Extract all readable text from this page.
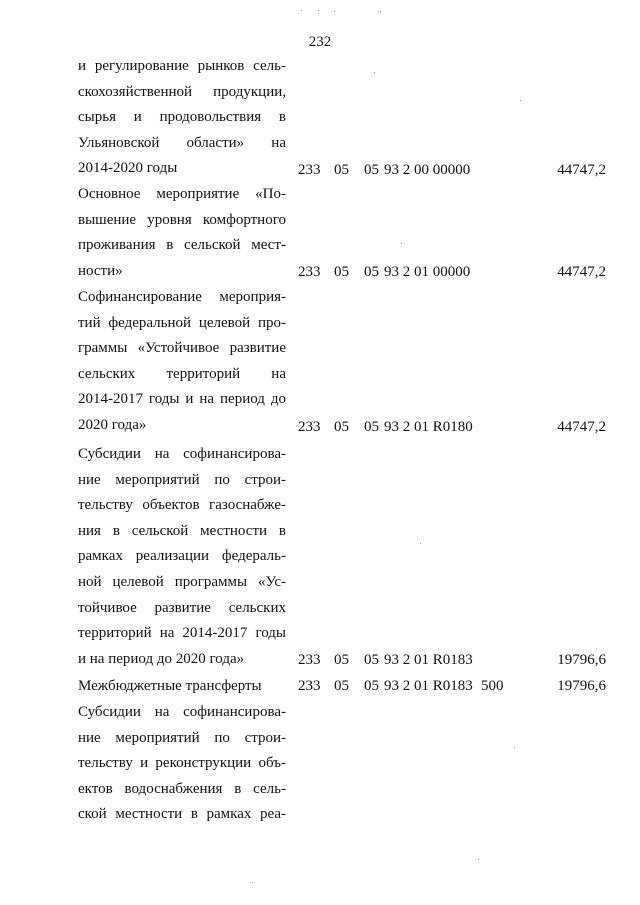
232
и регулирование рынков сель-
скохозяйственной продукции,
сырья и продовольствия в
Ульяновской области» на
2014-2020 годы	233 05 05 93 2 00 00000	44747,2
Основное мероприятие «По-
вышение уровня комфортного
проживания в сельской мест-
ности»	233 05 05 93 2 01 00000	44747,2
Софинансирование мероприя-
тий федеральной целевой про-
граммы «Устойчивое развитие
сельских территорий на
2014-2017 годы и на период до
2020 года»	233 05 05 93 2 01 R0180	44747,2
Субсидии на софинансирова-
ние мероприятий по строи-
тельству объектов газоснабже-
ния в сельской местности в
рамках реализации федераль-
ной целевой программы «Ус-
тойчивое развитие сельских
территорий на 2014-2017 годы
и на период до 2020 года»	233 05 05 93 2 01 R0183	19796,6
Межбюджетные трансферты	233 05 05 93 2 01 R0183 500	19796,6
Субсидии на софинансирова-
ние мероприятий по строи-
тельству и реконструкции объ-
ектов водоснабжения в сель-
ской местности в рамках реа-
